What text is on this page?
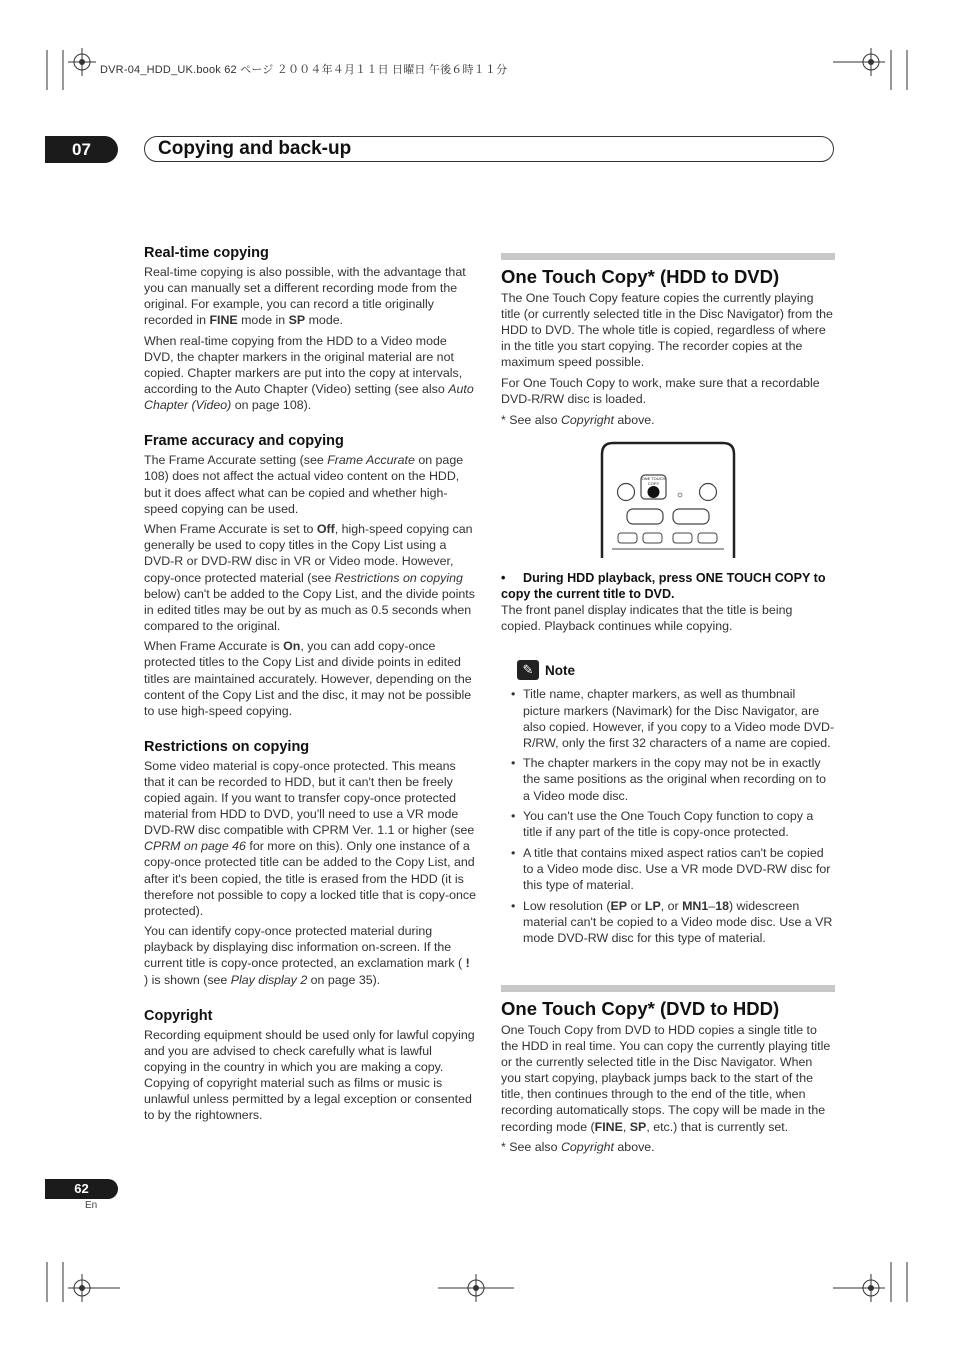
DVR-04_HDD_UK.book 62 ページ ２００４年４月１１日 日曜日 午後６時１１分
07	Copying and back-up
Real-time copying

Real-time copying is also possible, with the advantage that you can manually set a different recording mode from the original. For example, you can record a title originally recorded in FINE mode in SP mode.

When real-time copying from the HDD to a Video mode DVD, the chapter markers in the original material are not copied. Chapter markers are put into the copy at intervals, according to the Auto Chapter (Video) setting (see also Auto Chapter (Video) on page 108).

Frame accuracy and copying

The Frame Accurate setting (see Frame Accurate on page 108) does not affect the actual video content on the HDD, but it does affect what can be copied and whether high-speed copying can be used.

When Frame Accurate is set to Off, high-speed copying can generally be used to copy titles in the Copy List using a DVD-R or DVD-RW disc in VR or Video mode. However, copy-once protected material (see Restrictions on copying below) can't be added to the Copy List, and the divide points in edited titles may be out by as much as 0.5 seconds when compared to the original.

When Frame Accurate is On, you can add copy-once protected titles to the Copy List and divide points in edited titles are maintained accurately. However, depending on the content of the Copy List and the disc, it may not be possible to use high-speed copying.

Restrictions on copying

Some video material is copy-once protected. This means that it can be recorded to HDD, but it can't then be freely copied again. If you want to transfer copy-once protected material from HDD to DVD, you'll need to use a VR mode DVD-RW disc compatible with CPRM Ver. 1.1 or higher (see CPRM on page 46 for more on this). Only one instance of a copy-once protected title can be added to the Copy List, and after it's been copied, the title is erased from the HDD (it is therefore not possible to copy a locked title that is copy-once protected).

You can identify copy-once protected material during playback by displaying disc information on-screen. If the current title is copy-once protected, an exclamation mark ( ! ) is shown (see Play display 2 on page 35).

Copyright

Recording equipment should be used only for lawful copying and you are advised to check carefully what is lawful copying in the country in which you are making a copy. Copying of copyright material such as films or music is unlawful unless permitted by a legal exception or consented to by the rightowners.

One Touch Copy* (HDD to DVD)

The One Touch Copy feature copies the currently playing title (or currently selected title in the Disc Navigator) from the HDD to DVD. The whole title is copied, regardless of where in the title you start copying. The recorder copies at the maximum speed possible.

For One Touch Copy to work, make sure that a recordable DVD-R/RW disc is loaded.

* See also Copyright above.

ONE TOUCH
COPY

• During HDD playback, press ONE TOUCH COPY to copy the current title to DVD.

The front panel display indicates that the title is being copied. Playback continues while copying.

✎ Note
• Title name, chapter markers, as well as thumbnail picture markers (Navimark) for the Disc Navigator, are also copied. However, if you copy to a Video mode DVD-R/RW, only the first 32 characters of a name are copied.
• The chapter markers in the copy may not be in exactly the same positions as the original when recording on to a Video mode disc.
• You can't use the One Touch Copy function to copy a title if any part of the title is copy-once protected.
• A title that contains mixed aspect ratios can't be copied to a Video mode disc. Use a VR mode DVD-RW disc for this type of material.
• Low resolution (EP or LP, or MN1–18) widescreen material can't be copied to a Video mode disc. Use a VR mode DVD-RW disc for this type of material.
One Touch Copy* (DVD to HDD)

One Touch Copy from DVD to HDD copies a single title to the HDD in real time. You can copy the currently playing title or the currently selected title in the Disc Navigator. When you start copying, playback jumps back to the start of the title, then continues through to the end of the title, when recording automatically stops. The copy will be made in the recording mode (FINE, SP, etc.) that is currently set.

* See also Copyright above.

62
En
